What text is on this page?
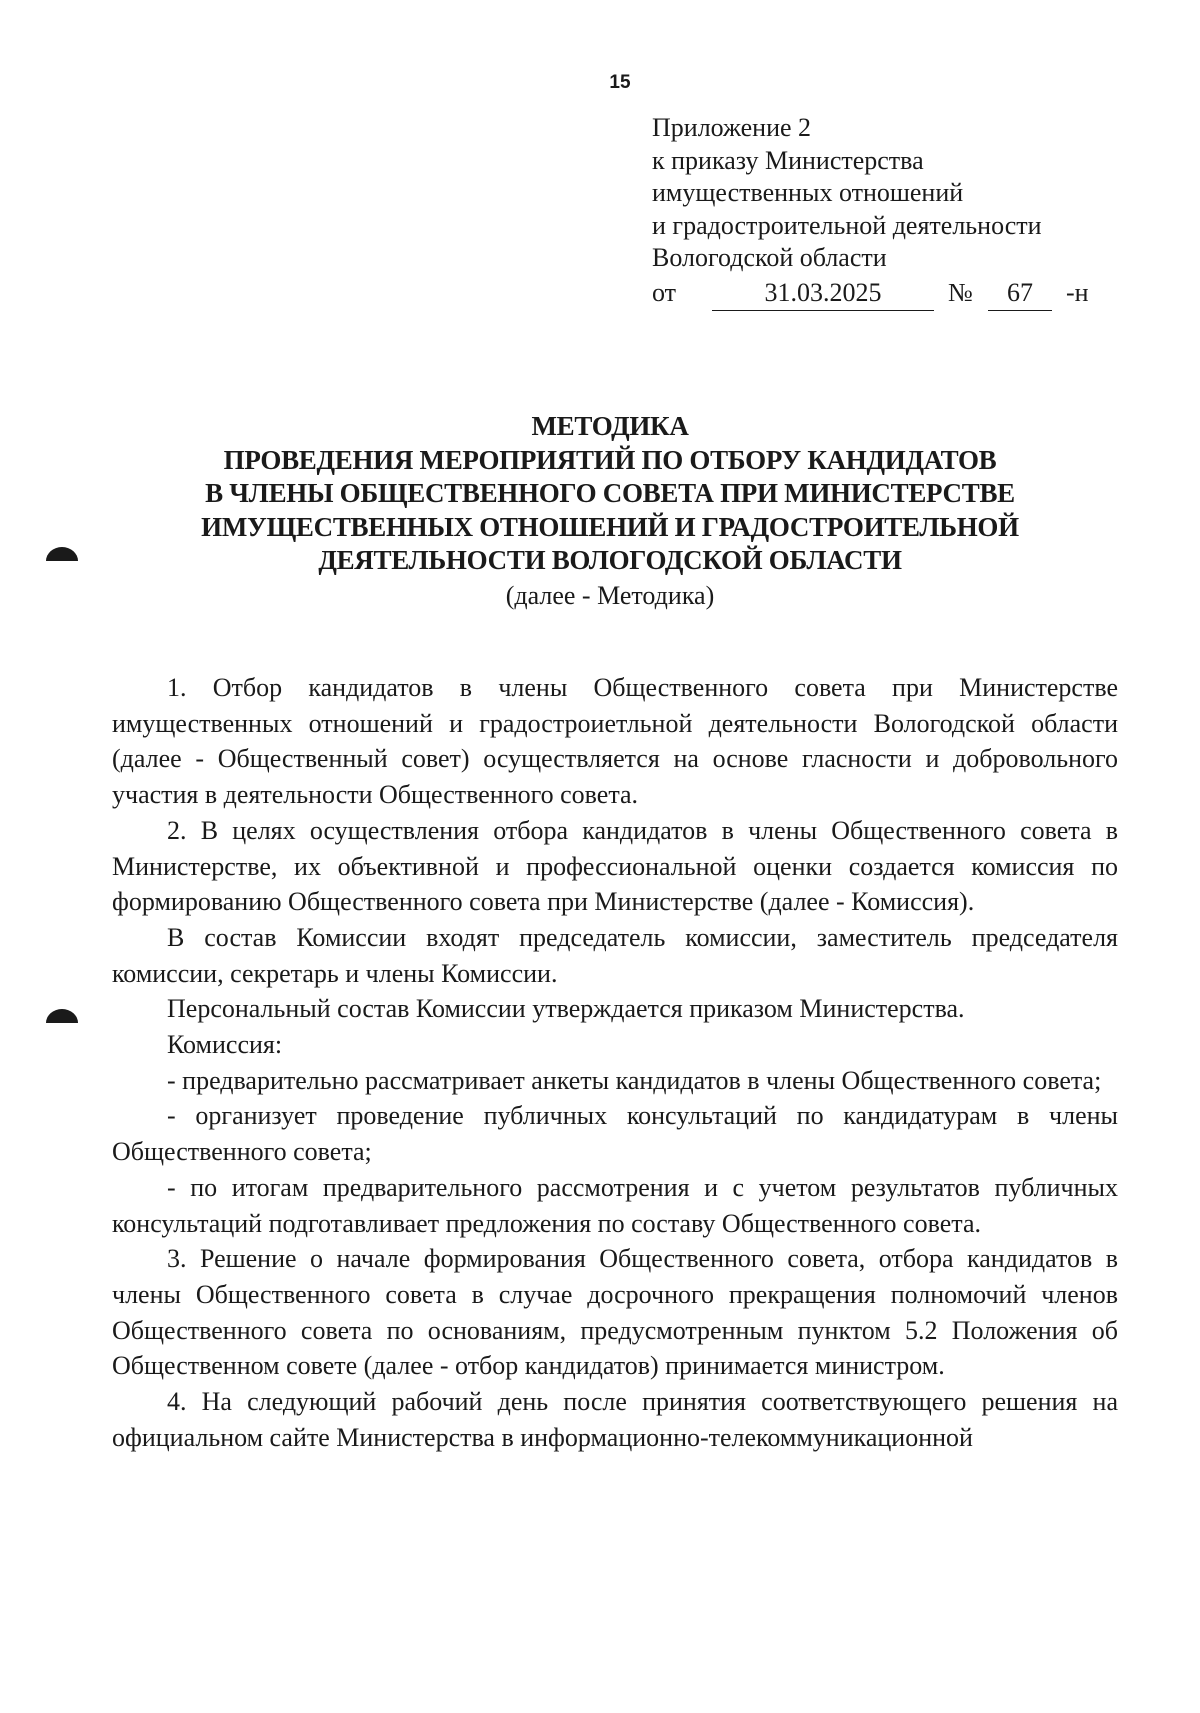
15
Приложение 2
к приказу Министерства
имущественных отношений
и градостроительной деятельности
Вологодской области
от	31.03.2025	№	67	-н
МЕТОДИКА
ПРОВЕДЕНИЯ МЕРОПРИЯТИЙ ПО ОТБОРУ КАНДИДАТОВ
В ЧЛЕНЫ ОБЩЕСТВЕННОГО СОВЕТА ПРИ МИНИСТЕРСТВЕ
ИМУЩЕСТВЕННЫХ ОТНОШЕНИЙ И ГРАДОСТРОИТЕЛЬНОЙ
ДЕЯТЕЛЬНОСТИ ВОЛОГОДСКОЙ ОБЛАСТИ
(далее - Методика)

1. Отбор кандидатов в члены Общественного совета при Министерстве имущественных отношений и градостроиетльной деятельности Вологодской области (далее - Общественный совет) осуществляется на основе гласности и добровольного участия в деятельности Общественного совета.

2. В целях осуществления отбора кандидатов в члены Общественного совета в Министерстве, их объективной и профессиональной оценки создается комиссия по формированию Общественного совета при Министерстве (далее - Комиссия).

В состав Комиссии входят председатель комиссии, заместитель председателя комиссии, секретарь и члены Комиссии.

Персональный состав Комиссии утверждается приказом Министерства.

Комиссия:

- предварительно рассматривает анкеты кандидатов в члены Общественного совета;

- организует проведение публичных консультаций по кандидатурам в члены Общественного совета;

- по итогам предварительного рассмотрения и с учетом результатов публичных консультаций подготавливает предложения по составу Общественного совета.

3. Решение о начале формирования Общественного совета, отбора кандидатов в члены Общественного совета в случае досрочного прекращения полномочий членов Общественного совета по основаниям, предусмотренным пунктом 5.2 Положения об Общественном совете (далее - отбор кандидатов) принимается министром.

4. На следующий рабочий день после принятия соответствующего решения на официальном сайте Министерства в информационно-телекоммуникационной
